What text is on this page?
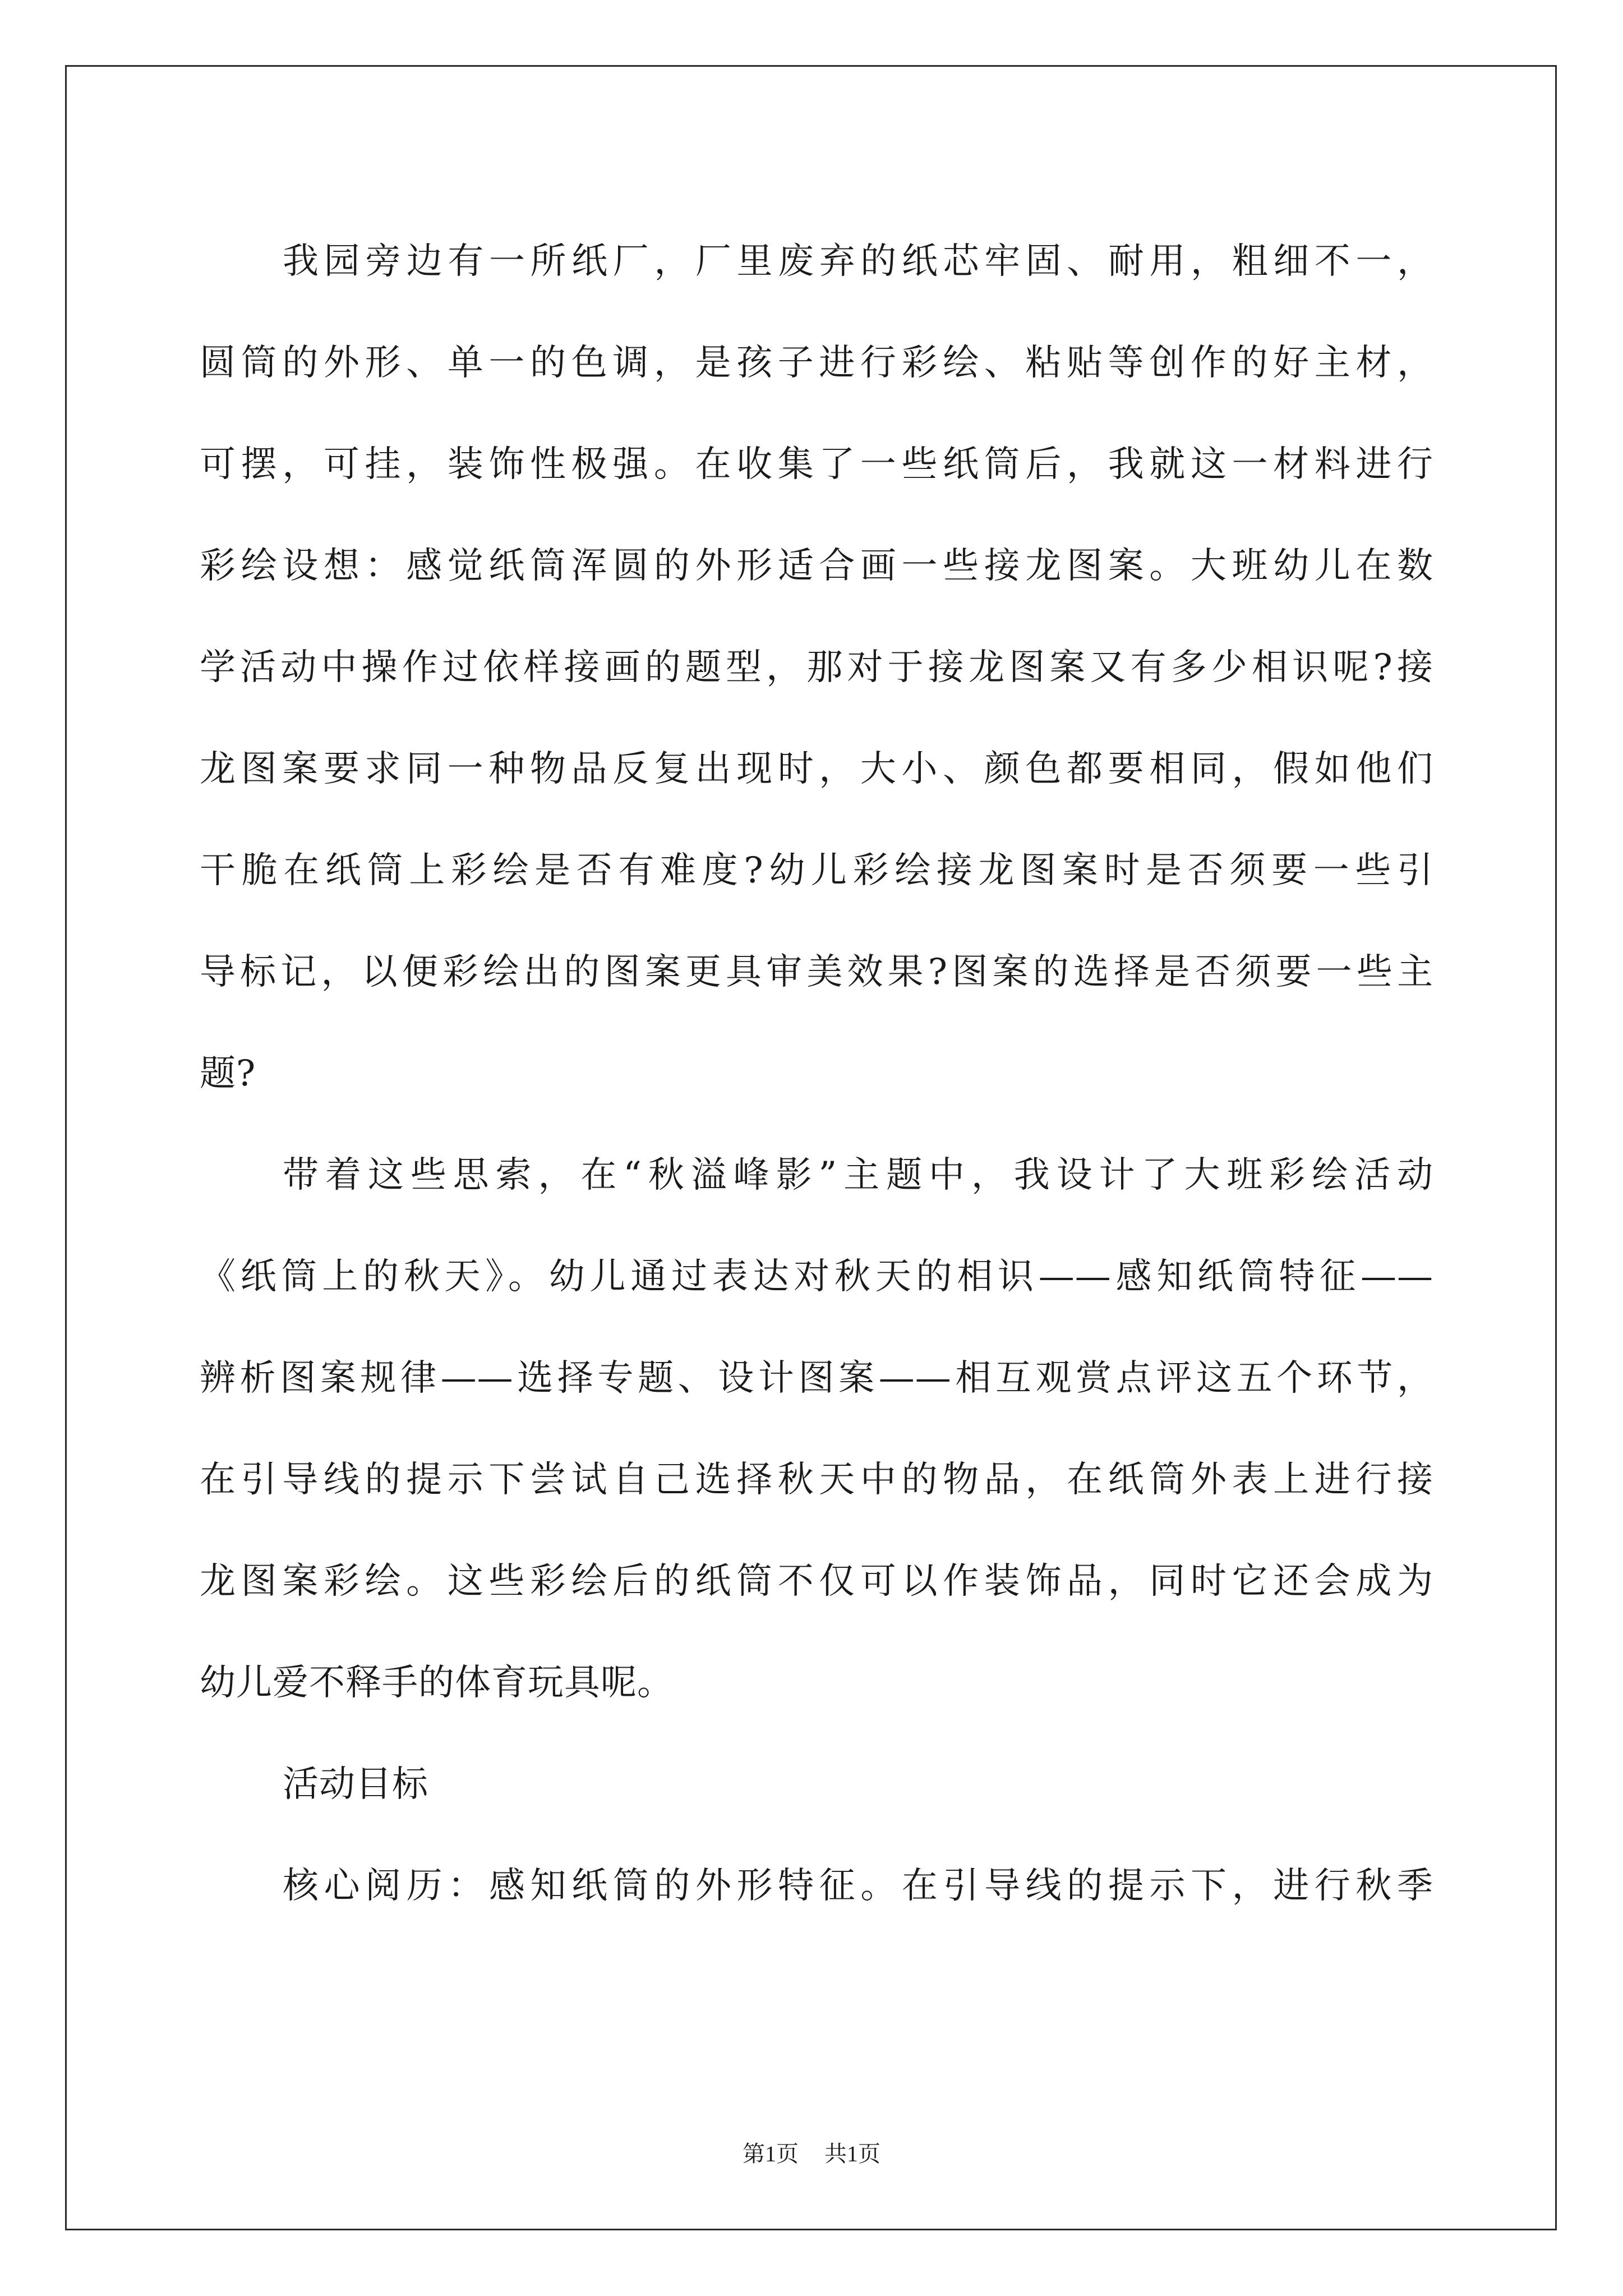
我园旁边有一所纸厂，厂里废弃的纸芯牢固、耐用，粗细不一，
圆筒的外形、单一的色调，是孩子进行彩绘、粘贴等创作的好主材，
可摆，可挂，装饰性极强。在收集了一些纸筒后，我就这一材料进行
彩绘设想：感觉纸筒浑圆的外形适合画一些接龙图案。大班幼儿在数
学活动中操作过依样接画的题型，那对于接龙图案又有多少相识呢?接
龙图案要求同一种物品反复出现时，大小、颜色都要相同，假如他们
干脆在纸筒上彩绘是否有难度?幼儿彩绘接龙图案时是否须要一些引
导标记，以便彩绘出的图案更具审美效果?图案的选择是否须要一些主
题?
带着这些思索，在“秋溢峰影”主题中，我设计了大班彩绘活动
《纸筒上的秋天》。幼儿通过表达对秋天的相识——感知纸筒特征——
辨析图案规律——选择专题、设计图案——相互观赏点评这五个环节，
在引导线的提示下尝试自己选择秋天中的物品，在纸筒外表上进行接
龙图案彩绘。这些彩绘后的纸筒不仅可以作装饰品，同时它还会成为
幼儿爱不释手的体育玩具呢。
活动目标
核心阅历：感知纸筒的外形特征。在引导线的提示下，进行秋季
第1页 共1页
